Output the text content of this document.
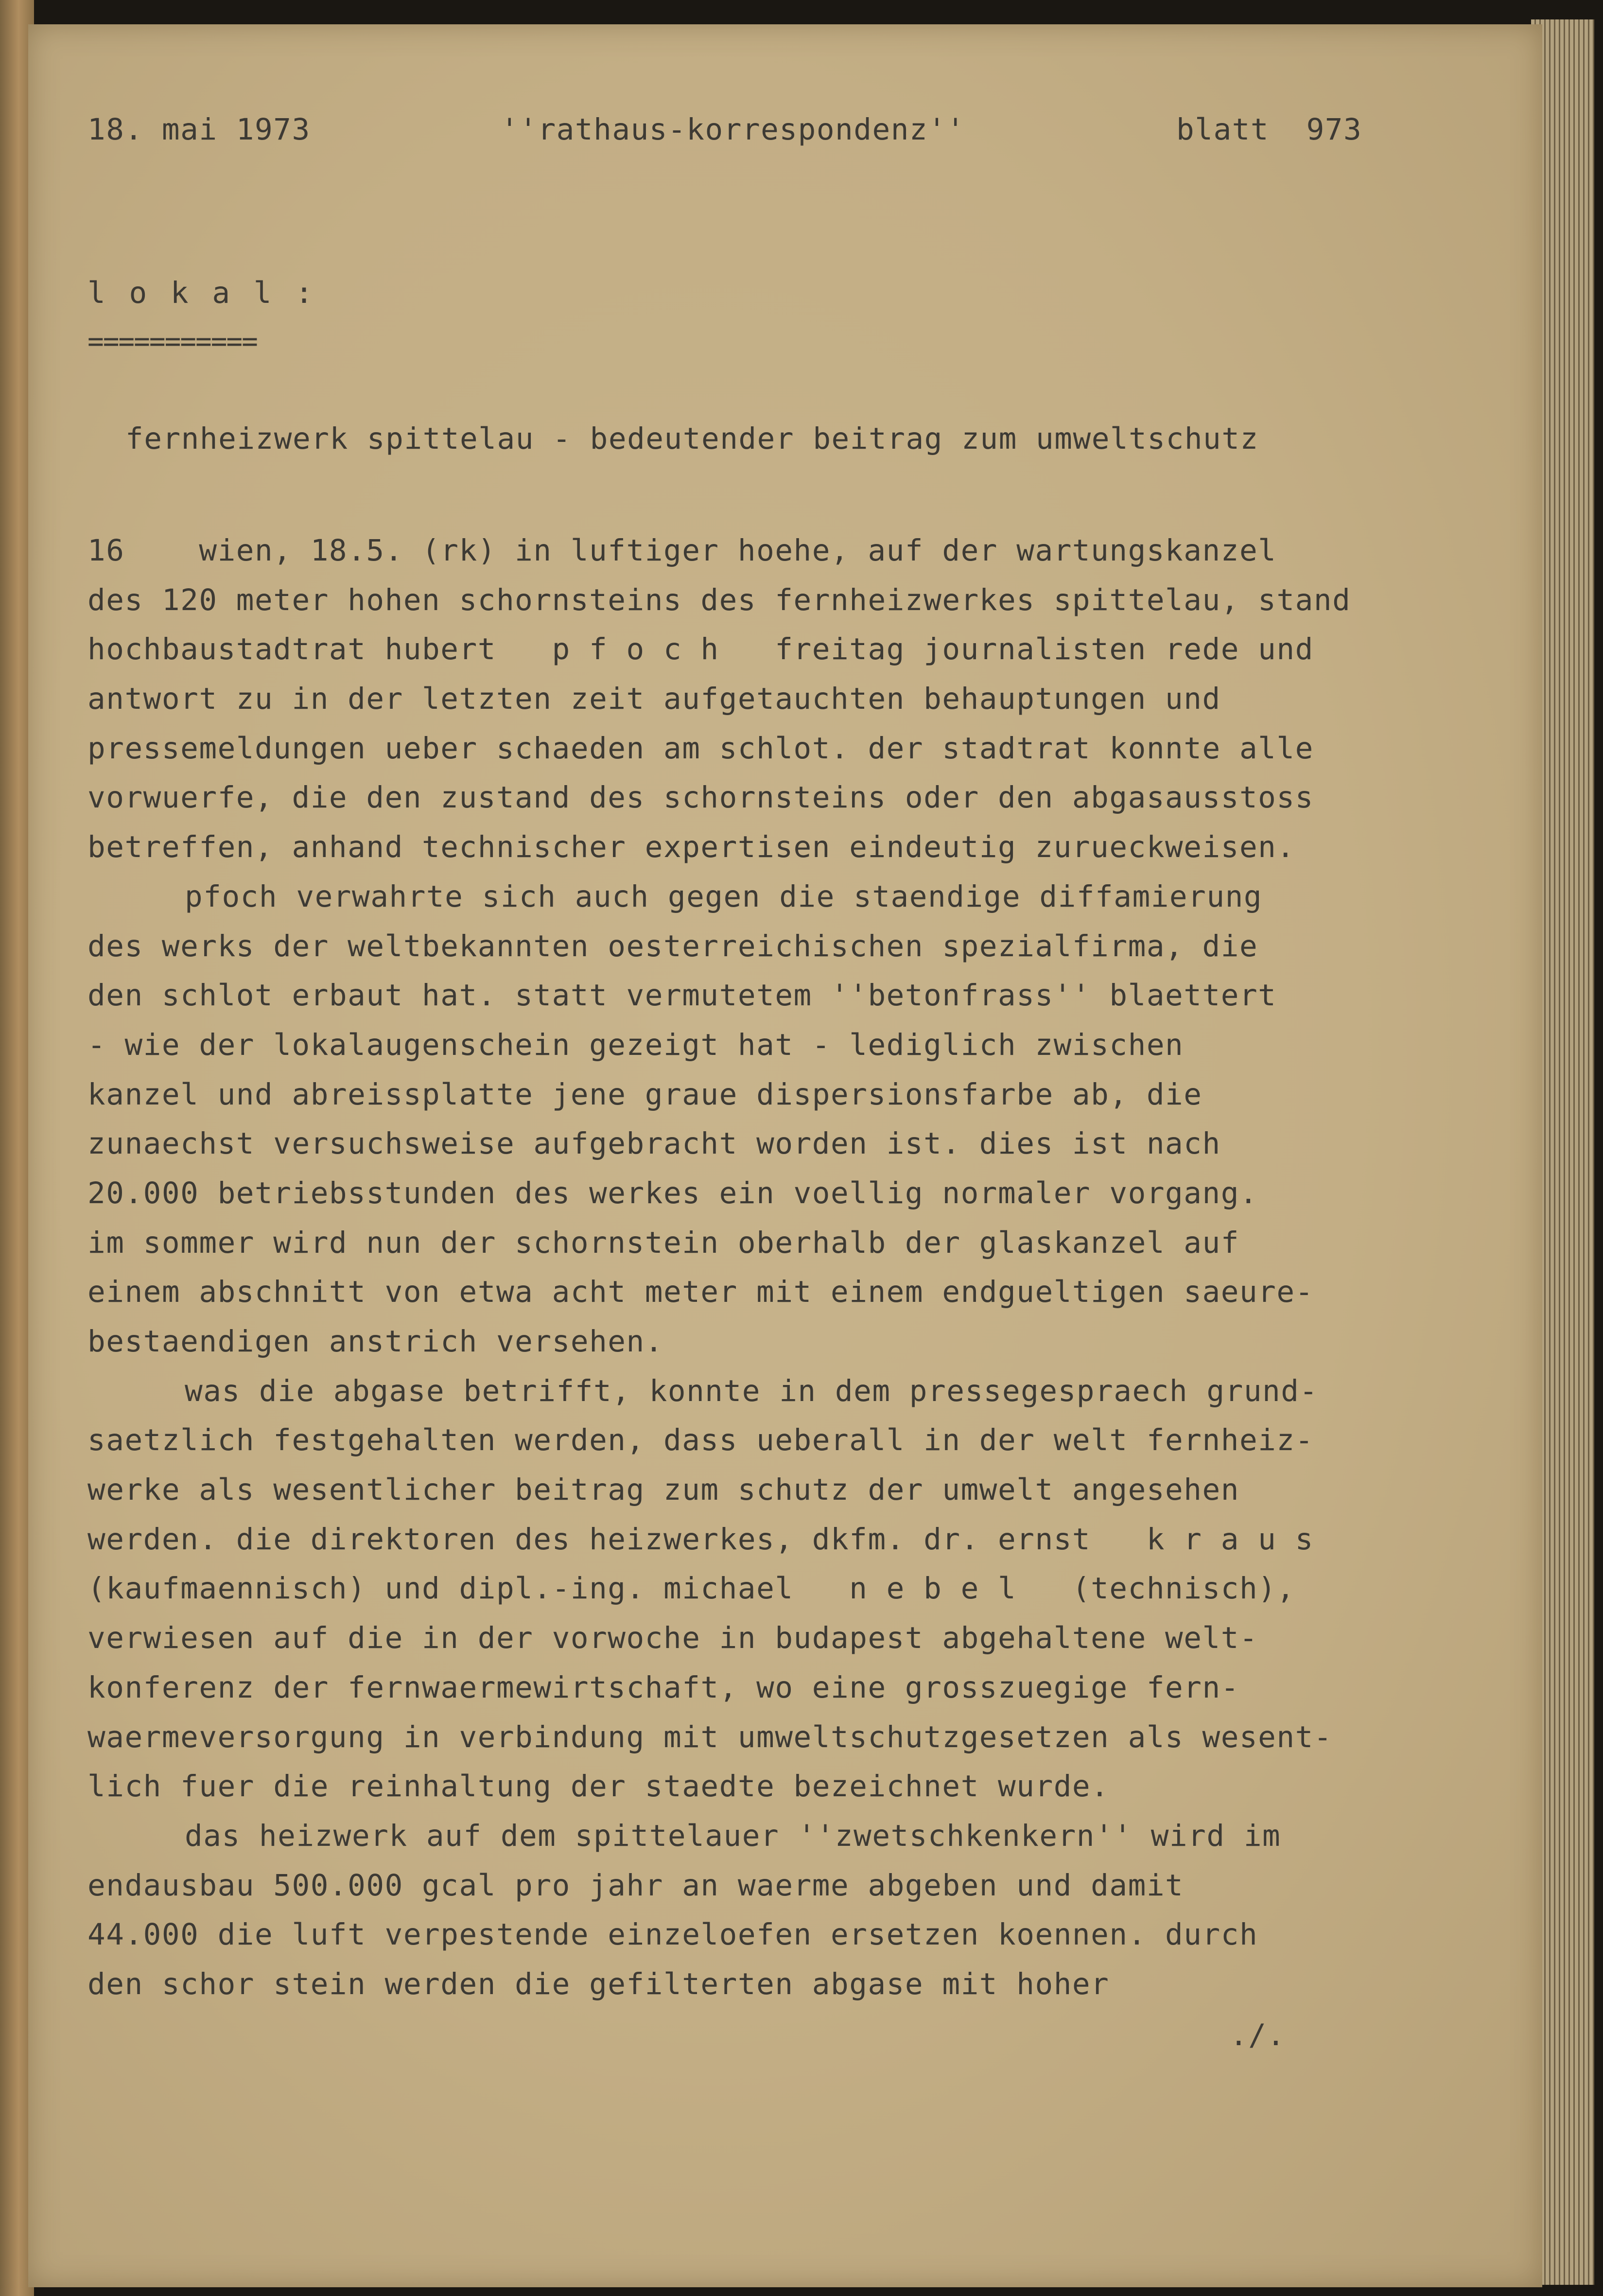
18. mai 1973	''rathaus-korrespondenz''	blatt  973
l o k a l :
===========
fernheizwerk spittelau - bedeutender beitrag zum umweltschutz
16    wien, 18.5. (rk) in luftiger hoehe, auf der wartungskanzel
des 120 meter hohen schornsteins des fernheizwerkes spittelau, stand
hochbaustadtrat hubert   p f o c h   freitag journalisten rede und
antwort zu in der letzten zeit aufgetauchten behauptungen und
pressemeldungen ueber schaeden am schlot. der stadtrat konnte alle
vorwuerfe, die den zustand des schornsteins oder den abgasausstoss
betreffen, anhand technischer expertisen eindeutig zurueckweisen.
pfoch verwahrte sich auch gegen die staendige diffamierung
des werks der weltbekannten oesterreichischen spezialfirma, die
den schlot erbaut hat. statt vermutetem ''betonfrass'' blaettert
- wie der lokalaugenschein gezeigt hat - lediglich zwischen
kanzel und abreissplatte jene graue dispersionsfarbe ab, die
zunaechst versuchsweise aufgebracht worden ist. dies ist nach
20.000 betriebsstunden des werkes ein voellig normaler vorgang.
im sommer wird nun der schornstein oberhalb der glaskanzel auf
einem abschnitt von etwa acht meter mit einem endgueltigen saeure-
bestaendigen anstrich versehen.
was die abgase betrifft, konnte in dem pressegespraech grund-
saetzlich festgehalten werden, dass ueberall in der welt fernheiz-
werke als wesentlicher beitrag zum schutz der umwelt angesehen
werden. die direktoren des heizwerkes, dkfm. dr. ernst   k r a u s
(kaufmaennisch) und dipl.-ing. michael   n e b e l   (technisch),
verwiesen auf die in der vorwoche in budapest abgehaltene welt-
konferenz der fernwaermewirtschaft, wo eine grosszuegige fern-
waermeversorgung in verbindung mit umweltschutzgesetzen als wesent-
lich fuer die reinhaltung der staedte bezeichnet wurde.
das heizwerk auf dem spittelauer ''zwetschkenkern'' wird im
endausbau 500.000 gcal pro jahr an waerme abgeben und damit
44.000 die luft verpestende einzeloefen ersetzen koennen. durch
den schor stein werden die gefilterten abgase mit hoher
./.
